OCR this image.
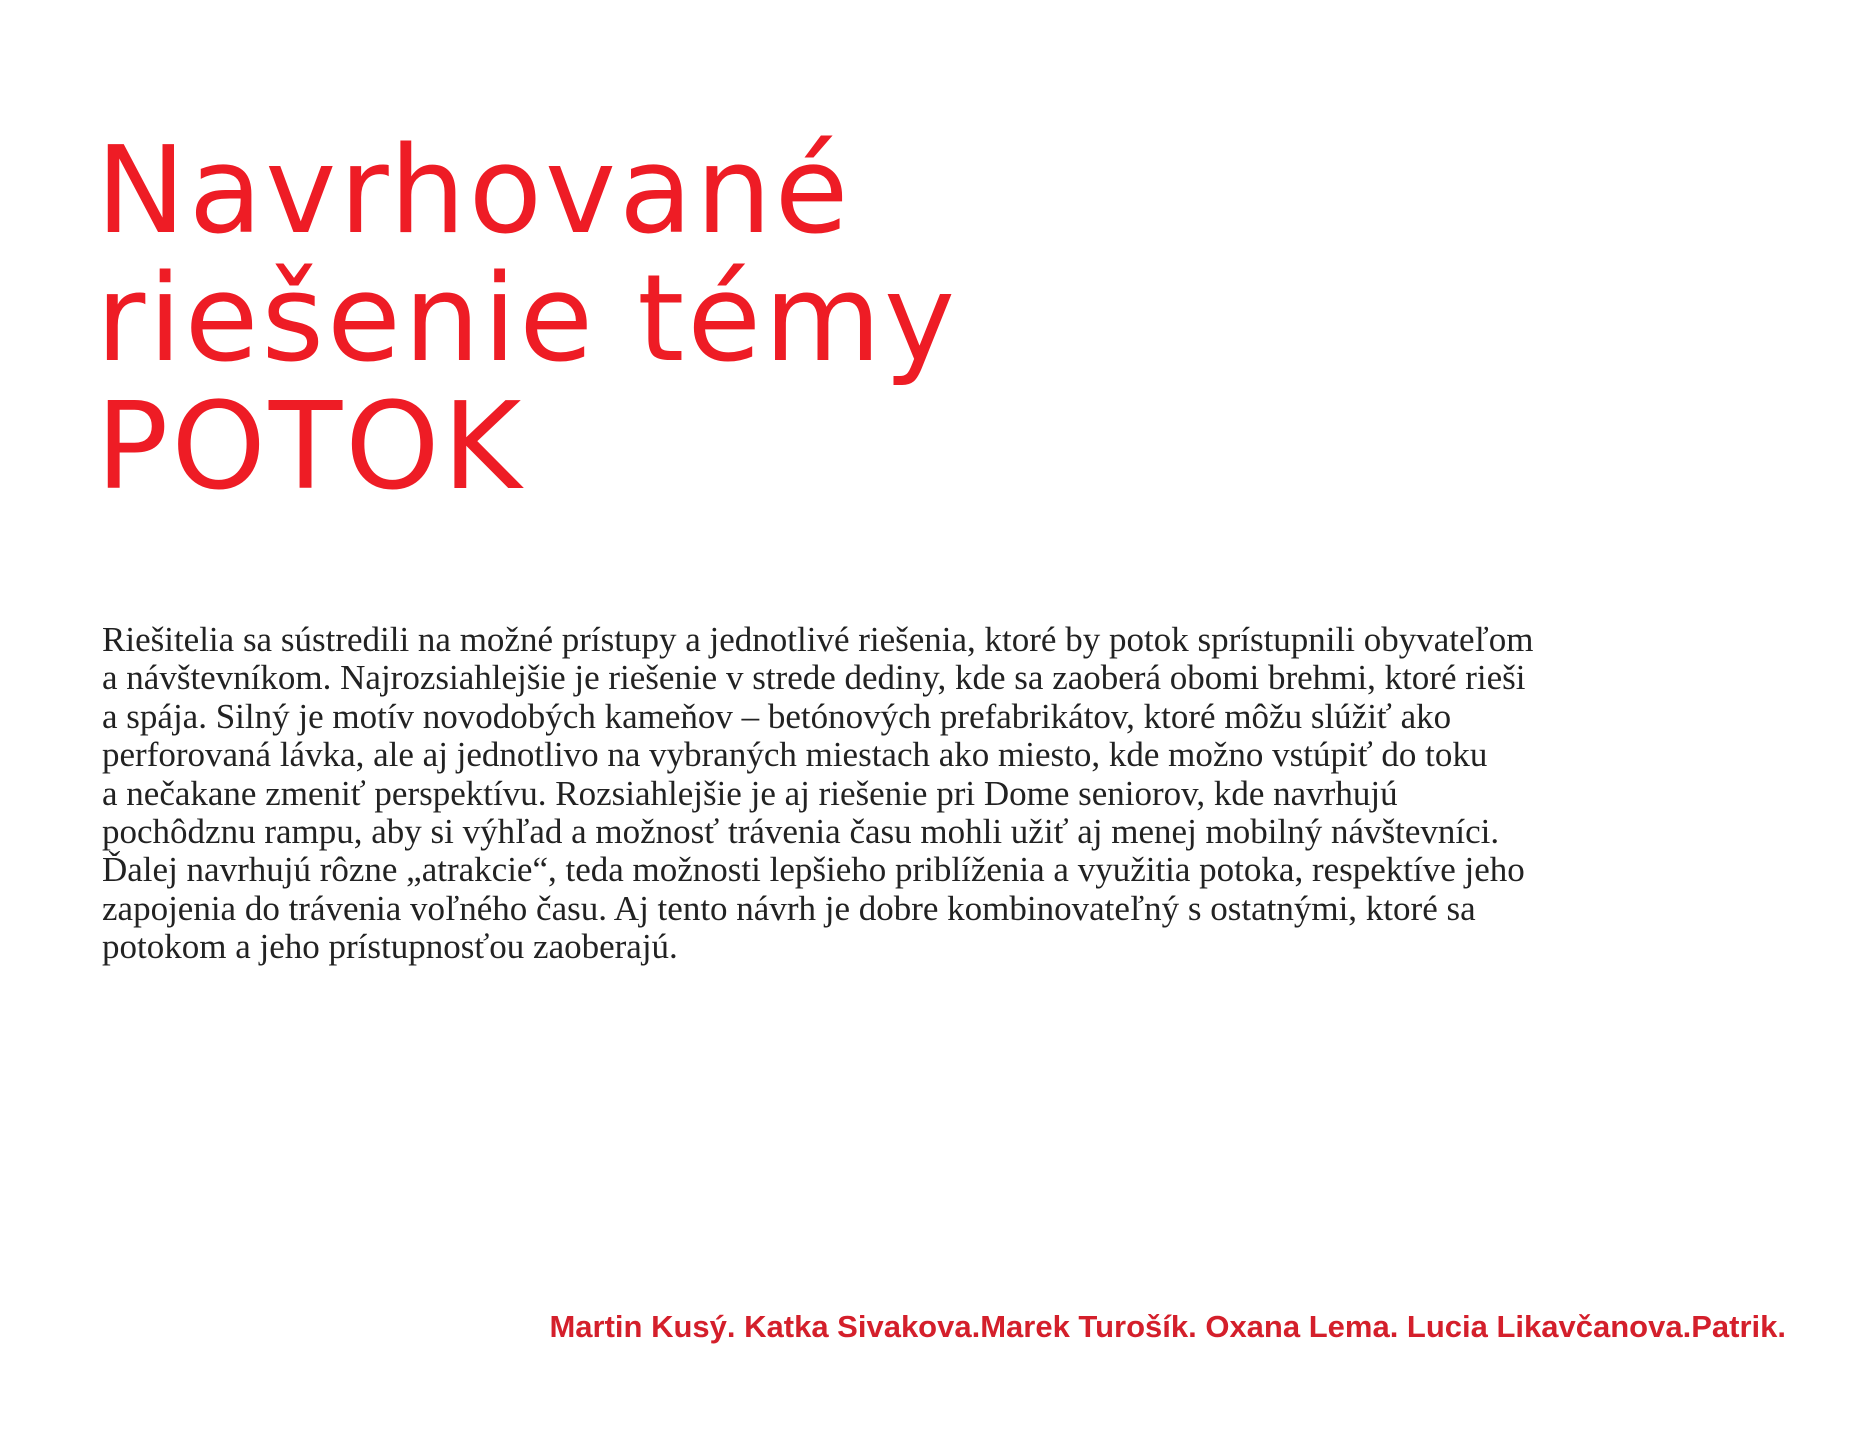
Navrhované
riešenie témy
POTOK

Riešitelia sa sústredili na možné prístupy a jednotlivé riešenia, ktoré by potok sprístupnili obyvateľom
a návštevníkom. Najrozsiahlejšie je riešenie v strede dediny, kde sa zaoberá obomi brehmi, ktoré rieši
a spája. Silný je motív novodobých kameňov – betónových prefabrikátov, ktoré môžu slúžiť ako
perforovaná lávka, ale aj jednotlivo na vybraných miestach ako miesto, kde možno vstúpiť do toku
a nečakane zmeniť perspektívu. Rozsiahlejšie je aj riešenie pri Dome seniorov, kde navrhujú
pochôdznu rampu, aby si výhľad a možnosť trávenia času mohli užiť aj menej mobilný návštevníci.
Ďalej navrhujú rôzne „atrakcie“, teda možnosti lepšieho priblíženia a využitia potoka, respektíve jeho
zapojenia do trávenia voľného času. Aj tento návrh je dobre kombinovateľný s ostatnými, ktoré sa
potokom a jeho prístupnosťou zaoberajú.

Martin Kusý. Katka Sivakova.Marek Turošík. Oxana Lema. Lucia Likavčanova.Patrik.
